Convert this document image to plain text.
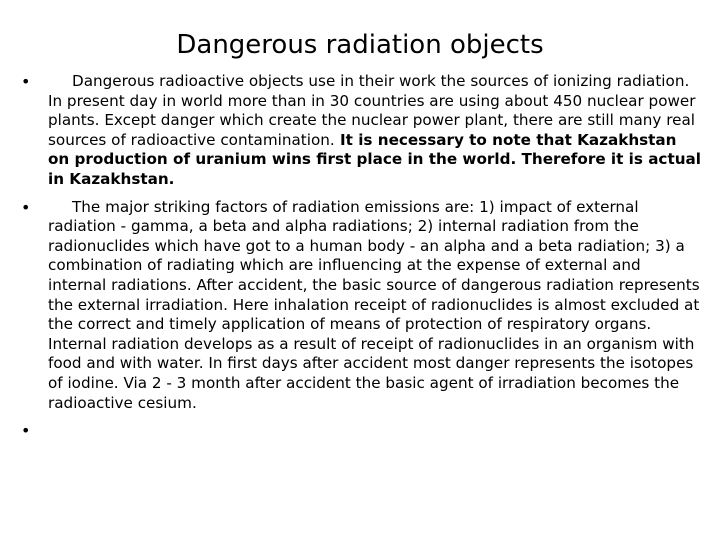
Dangerous radiation objects
•	Dangerous radioactive objects use in their work the sources of ionizing radiation. In present day in world more than in 30 countries are using about 450 nuclear power plants. Except danger which create the nuclear power plant, there are still many real sources of radioactive contamination. It is necessary to note that Kazakhstan on production of uranium wins first place in the world. Therefore it is actual in Kazakhstan.
•	The major striking factors of radiation emissions are: 1) impact of external radiation - gamma, a beta and alpha radiations; 2) internal radiation from the radionuclides which have got to a human body - an alpha and a beta radiation; 3) a combination of radiating which are influencing at the expense of external and internal radiations. After accident, the basic source of dangerous radiation represents the external irradiation. Here inhalation receipt of radionuclides is almost excluded at the correct and timely application of means of protection of respiratory organs. Internal radiation develops as a result of receipt of radionuclides in an organism with food and with water. In first days after accident most danger represents the isotopes of iodine. Via 2 - 3 month after accident the basic agent of irradiation becomes the radioactive cesium.
•
